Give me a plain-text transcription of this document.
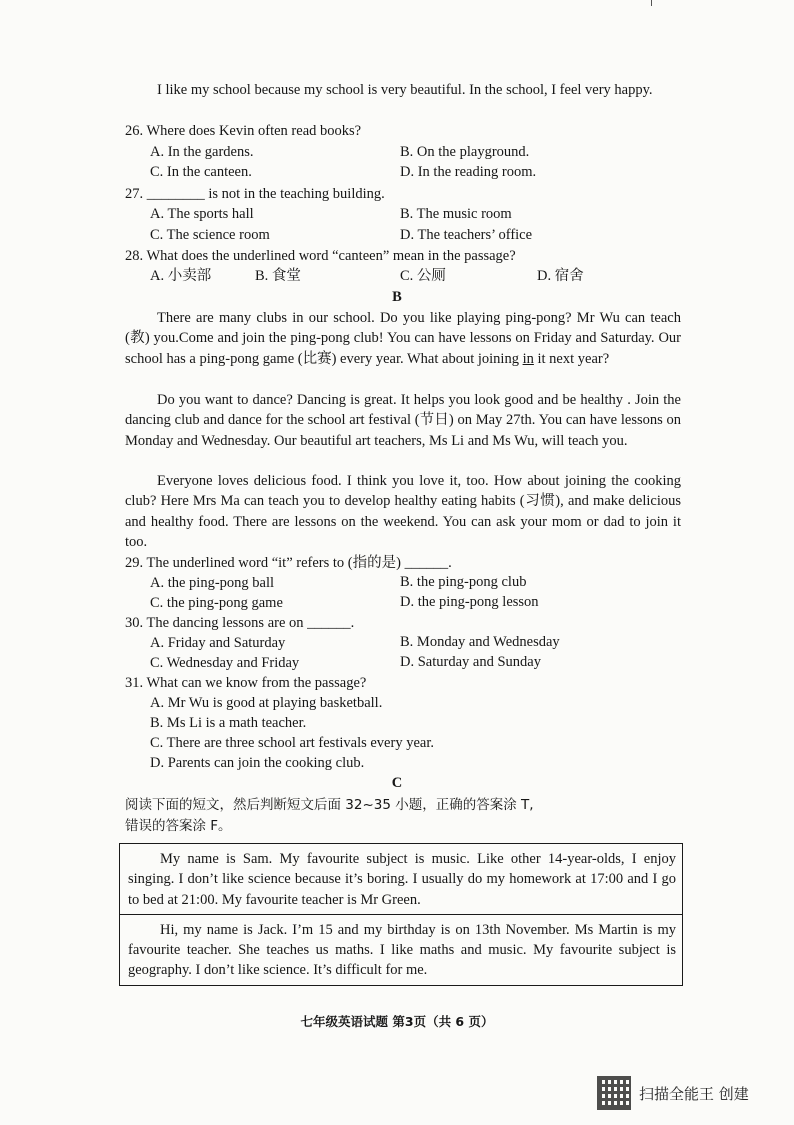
I like my school because my school is very beautiful. In the school, I feel very happy.
26. Where does Kevin often read books?
A. In the gardens.	B. On the playground.
C. In the canteen.	D. In the reading room.
27. ________ is not in the teaching building.
A. The sports hall	B. The music room
C. The science room	D. The teachers’ office
28. What does the underlined word “canteen” mean in the passage?
A. 小卖部	B. 食堂	C. 公厕	D. 宿舍
B
There are many clubs in our school. Do you like playing ping-pong? Mr Wu can teach (教) you.Come and join the ping-pong club! You can have lessons on Friday and Saturday. Our school has a ping-pong game (比赛) every year. What about joining in it next year?
Do you want to dance? Dancing is great. It helps you look good and be healthy . Join the dancing club and dance for the school art festival (节日) on May 27th. You can have lessons on Monday and Wednesday. Our beautiful art teachers, Ms Li and Ms Wu, will teach you.
Everyone loves delicious food. I think you love it, too. How about joining the cooking club? Here Mrs Ma can teach you to develop healthy eating habits (习惯), and make delicious and healthy food. There are lessons on the weekend. You can ask your mom or dad to join it too.
29. The underlined word “it” refers to (指的是) ______.
A. the ping-pong ball	B. the ping-pong club
C. the ping-pong game	D. the ping-pong lesson
30. The dancing lessons are on ______.
A. Friday and Saturday	B. Monday and Wednesday
C. Wednesday and Friday	D. Saturday and Sunday
31. What can we know from the passage?
A. Mr Wu is good at playing basketball.
B. Ms Li is a math teacher.
C. There are three school art festivals every year.
D. Parents can join the cooking club.
C
阅读下面的短文，然后判断短文后面 32~35 小题，正确的答案涂 T,
错误的答案涂 F。
My name is Sam. My favourite subject is music. Like other 14-year-olds, I enjoy singing. I don’t like science because it’s boring. I usually do my homework at 17:00 and I go to bed at 21:00. My favourite teacher is Mr Green.
Hi, my name is Jack. I’m 15 and my birthday is on 13th November. Ms Martin is my favourite teacher. She teaches us maths. I like maths and music. My favourite subject is geography. I don’t like science. It’s difficult for me.
七年级英语试题 第3页（共 6 页）
扫描全能王 创建
